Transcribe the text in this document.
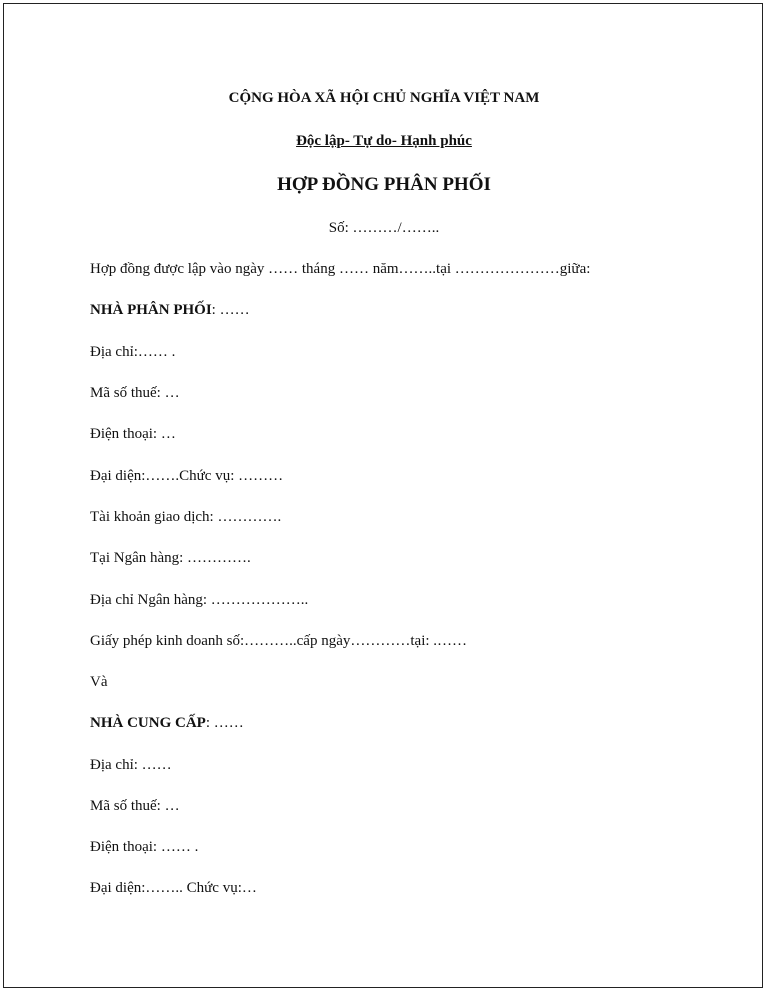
CỘNG HÒA XÃ HỘI CHỦ NGHĨA VIỆT NAM
Độc lập- Tự do- Hạnh phúc
HỢP ĐỒNG PHÂN PHỐI
Số: ………/……..
Hợp đồng được lập vào ngày …… tháng …… năm……..tại …………………giữa:
NHÀ PHÂN PHỐI: ……
Địa chỉ:…… .
Mã số thuế: …
Điện thoại: …
Đại diện:…….Chức vụ: ………
Tài khoản giao dịch: ………….
Tại Ngân hàng: ………….
Địa chỉ Ngân hàng: ………………..
Giấy phép kinh doanh số:………..cấp ngày…………tại: .……
Và
NHÀ CUNG CẤP: ……
Địa chỉ: ……
Mã số thuế: …
Điện thoại: …… .
Đại diện:…….. Chức vụ:…
